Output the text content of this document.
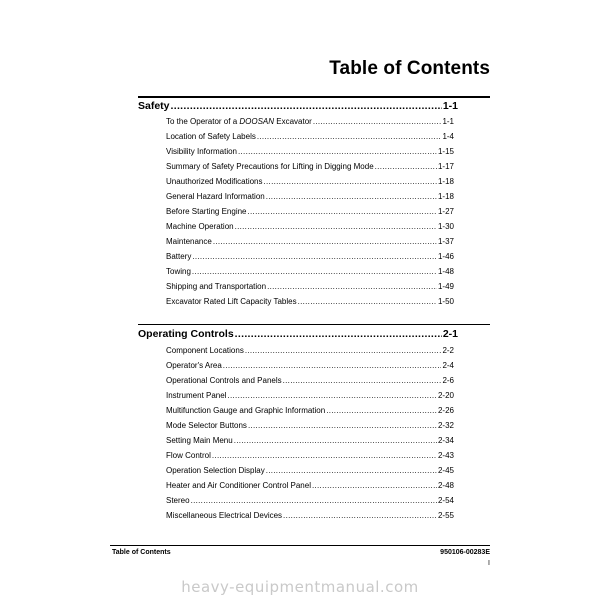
Table of Contents
Safety .....	1-1
To the Operator of a DOOSAN Excavator .....	1-1
Location of Safety Labels .....	1-4
Visibility Information .....	1-15
Summary of Safety Precautions for Lifting in Digging Mode .....	1-17
Unauthorized Modifications .....	1-18
General Hazard Information .....	1-18
Before Starting Engine .....	1-27
Machine Operation .....	1-30
Maintenance .....	1-37
Battery .....	1-46
Towing .....	1-48
Shipping and Transportation .....	1-49
Excavator Rated Lift Capacity Tables .....	1-50
Operating Controls .....	2-1
Component Locations .....	2-2
Operator's Area .....	2-4
Operational Controls and Panels .....	2-6
Instrument Panel .....	2-20
Multifunction Gauge and Graphic Information .....	2-26
Mode Selector Buttons .....	2-32
Setting Main Menu .....	2-34
Flow Control .....	2-43
Operation Selection Display .....	2-45
Heater and Air Conditioner Control Panel .....	2-48
Stereo .....	2-54
Miscellaneous Electrical Devices .....	2-55
Table of Contents	950106-00283E
I
heavy-equipmentmanual.com
